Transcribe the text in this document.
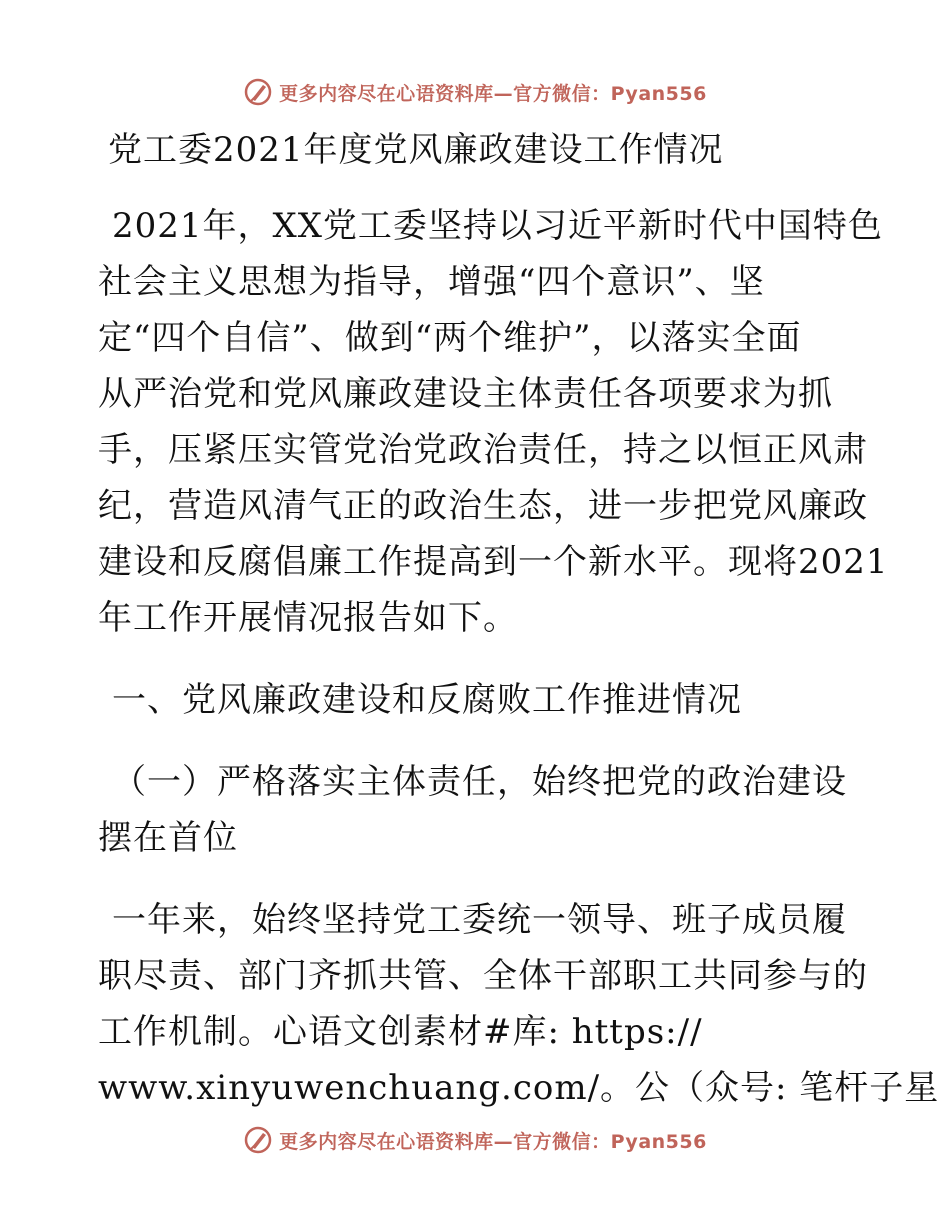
更多内容尽在心语资料库—官方微信：Pyan556
党工委2021年度党风廉政建设工作情况
2021年，XX党工委坚持以习近平新时代中国特色
社会主义思想为指导，增强“四个意识”、坚
定“四个自信”、做到“两个维护”，以落实全面
从严治党和党风廉政建设主体责任各项要求为抓
手，压紧压实管党治党政治责任，持之以恒正风肃
纪，营造风清气正的政治生态，进一步把党风廉政
建设和反腐倡廉工作提高到一个新水平。现将2021
年工作开展情况报告如下。
一、党风廉政建设和反腐败工作推进情况
（一）严格落实主体责任，始终把党的政治建设
摆在首位
一年来，始终坚持党工委统一领导、班子成员履
职尽责、部门齐抓共管、全体干部职工共同参与的
工作机制。心语文创素材#库: https://
www.xinyuwenchuang.com/。公（众号: 笔杆子星
更多内容尽在心语资料库—官方微信：Pyan556
